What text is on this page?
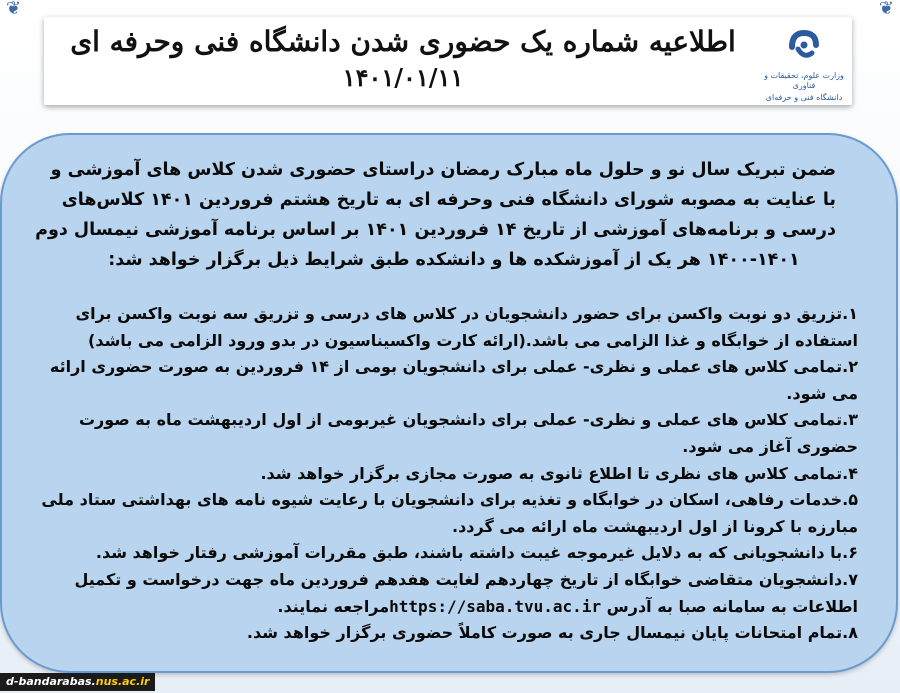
❦	❦
وزارت علوم، تحقیقات و فناوری
دانشگاه فنی و حرفه‌ای
اطلاعیه شماره یک حضوری شدن دانشگاه فنی وحرفه ای
۱۴۰۱/۰۱/۱۱
ضمن تبریک سال نو و حلول ماه مبارک رمضان دراستای حضوری شدن کلاس های آموزشی و
با عنایت به مصوبه شورای دانشگاه فنی وحرفه ای به تاریخ هشتم فروردین ۱۴۰۱ کلاس‌های
درسی و برنامه‌های آموزشی از تاریخ ۱۴ فروردین ۱۴۰۱ بر اساس برنامه آموزشی نیمسال دوم
۱۴۰۰-۱۴۰۱ هر یک از آموزشکده ها و دانشکده طبق شرایط ذیل برگزار خواهد شد:
۱.تزریق دو نوبت واکسن برای حضور دانشجویان در کلاس های درسی و تزریق سه نوبت واکسن برای
استفاده از خوابگاه و غذا الزامی می باشد.(ارائه کارت واکسیناسیون در بدو ورود الزامی می باشد)
۲.تمامی کلاس های عملی و نظری- عملی برای دانشجویان بومی از ۱۴ فروردین به صورت حضوری ارائه
می شود.
۳.تمامی کلاس های عملی و نظری- عملی برای دانشجویان غیربومی از اول اردیبهشت ماه به صورت
حضوری آغاز می شود.
۴.تمامی کلاس های نظری تا اطلاع ثانوی به صورت مجازی برگزار خواهد شد.
۵.خدمات رفاهی، اسکان در خوابگاه و تغذیه برای دانشجویان با رعایت شیوه نامه های بهداشتی ستاد ملی
مبارزه با کرونا از اول اردیبهشت ماه ارائه می گردد.
۶.با دانشجویانی که به دلایل غیرموجه غیبت داشته باشند، طبق مقررات آموزشی رفتار خواهد شد.
۷.دانشجویان متقاضی خوابگاه از تاریخ چهاردهم لغایت هفدهم فروردین ماه جهت درخواست و تکمیل
اطلاعات به سامانه صبا به آدرس https://saba.tvu.ac.irمراجعه نمایند.
۸.تمام امتحانات پایان نیمسال جاری به صورت کاملاً حضوری برگزار خواهد شد.
d-bandarabas.nus.ac.ir
